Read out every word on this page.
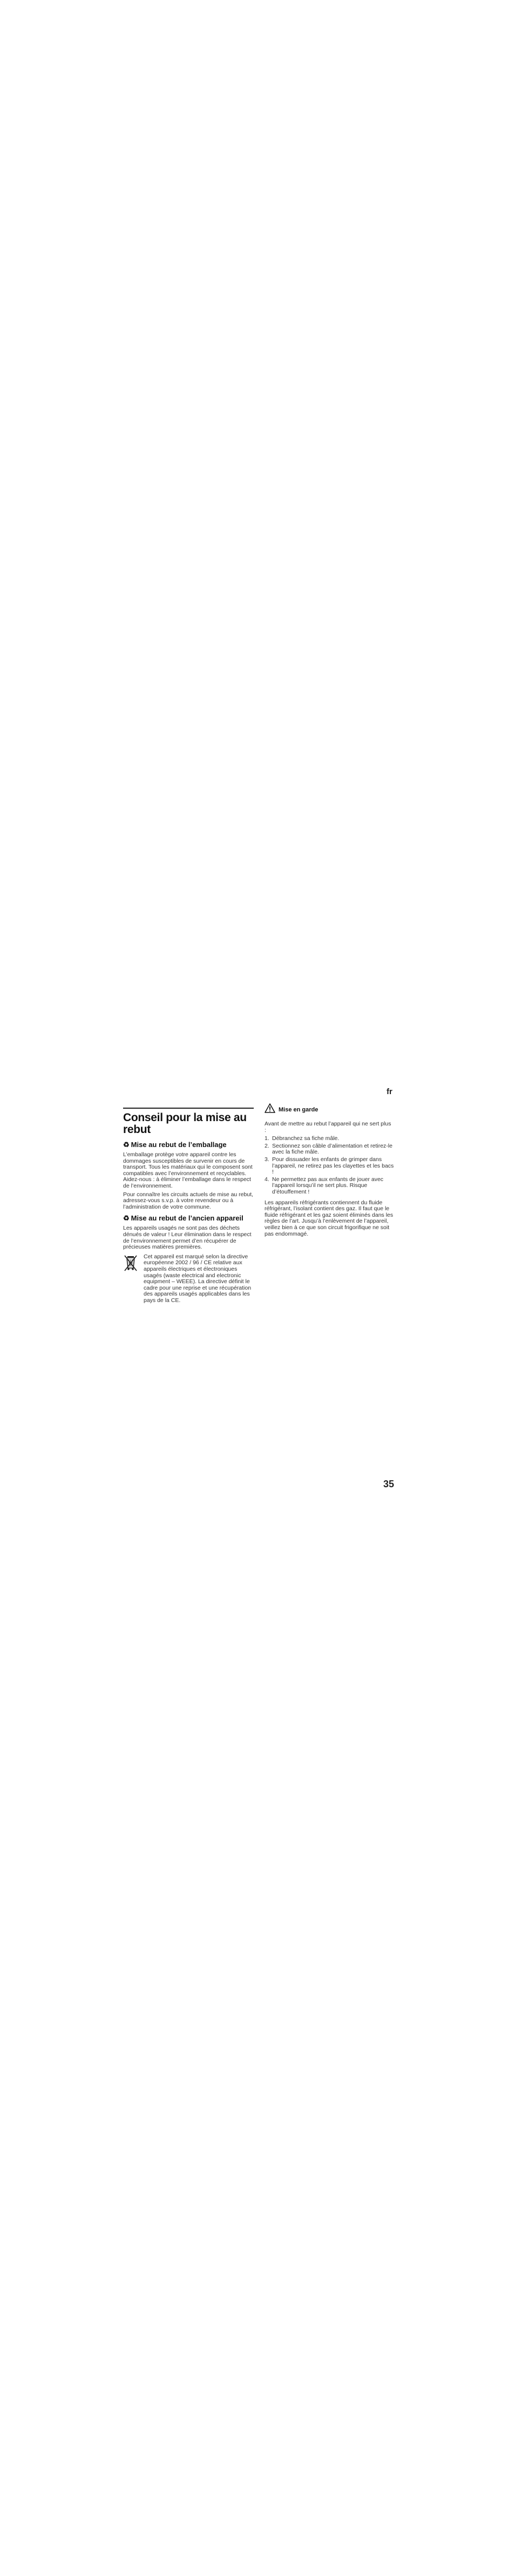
fr
Conseil pour la mise au rebut
♻ Mise au rebut de l’emballage

L’emballage protège votre appareil contre les dommages susceptibles de survenir en cours de transport. Tous les matériaux qui le composent sont compatibles avec l’environnement et recyclables. Aidez-nous : à éliminer l’emballage dans le respect de l’environnement.

Pour connaître les circuits actuels de mise au rebut, adressez-vous s.v.p. à votre revendeur ou à l’administration de votre commune.

♻ Mise au rebut de l’ancien appareil

Les appareils usagés ne sont pas des déchets dénués de valeur ! Leur élimination dans le respect de l’environnement permet d’en récupérer de précieuses matières premières.

Cet appareil est marqué selon la directive européenne 2002 / 96 / CE relative aux appareils électriques et électroniques usagés (waste electrical and electronic equipment – WEEE). La directive définit le cadre pour une reprise et une récupération des appareils usagés applicables dans les pays de la CE.

Mise en garde

Avant de mettre au rebut l’appareil qui ne sert plus :

1. Débranchez sa fiche mâle.
2. Sectionnez son câble d’alimentation et retirez-le avec la fiche mâle.
3. Pour dissuader les enfants de grimper dans l’appareil, ne retirez pas les clayettes et les bacs !
4. Ne permettez pas aux enfants de jouer avec l’appareil lorsqu’il ne sert plus. Risque d’étouffement !

Les appareils réfrigérants contiennent du fluide réfrigérant, l’isolant contient des gaz. Il faut que le fluide réfrigérant et les gaz soient éliminés dans les règles de l’art. Jusqu’à l’enlèvement de l’appareil, veillez bien à ce que son circuit frigorifique ne soit pas endommagé.

35
